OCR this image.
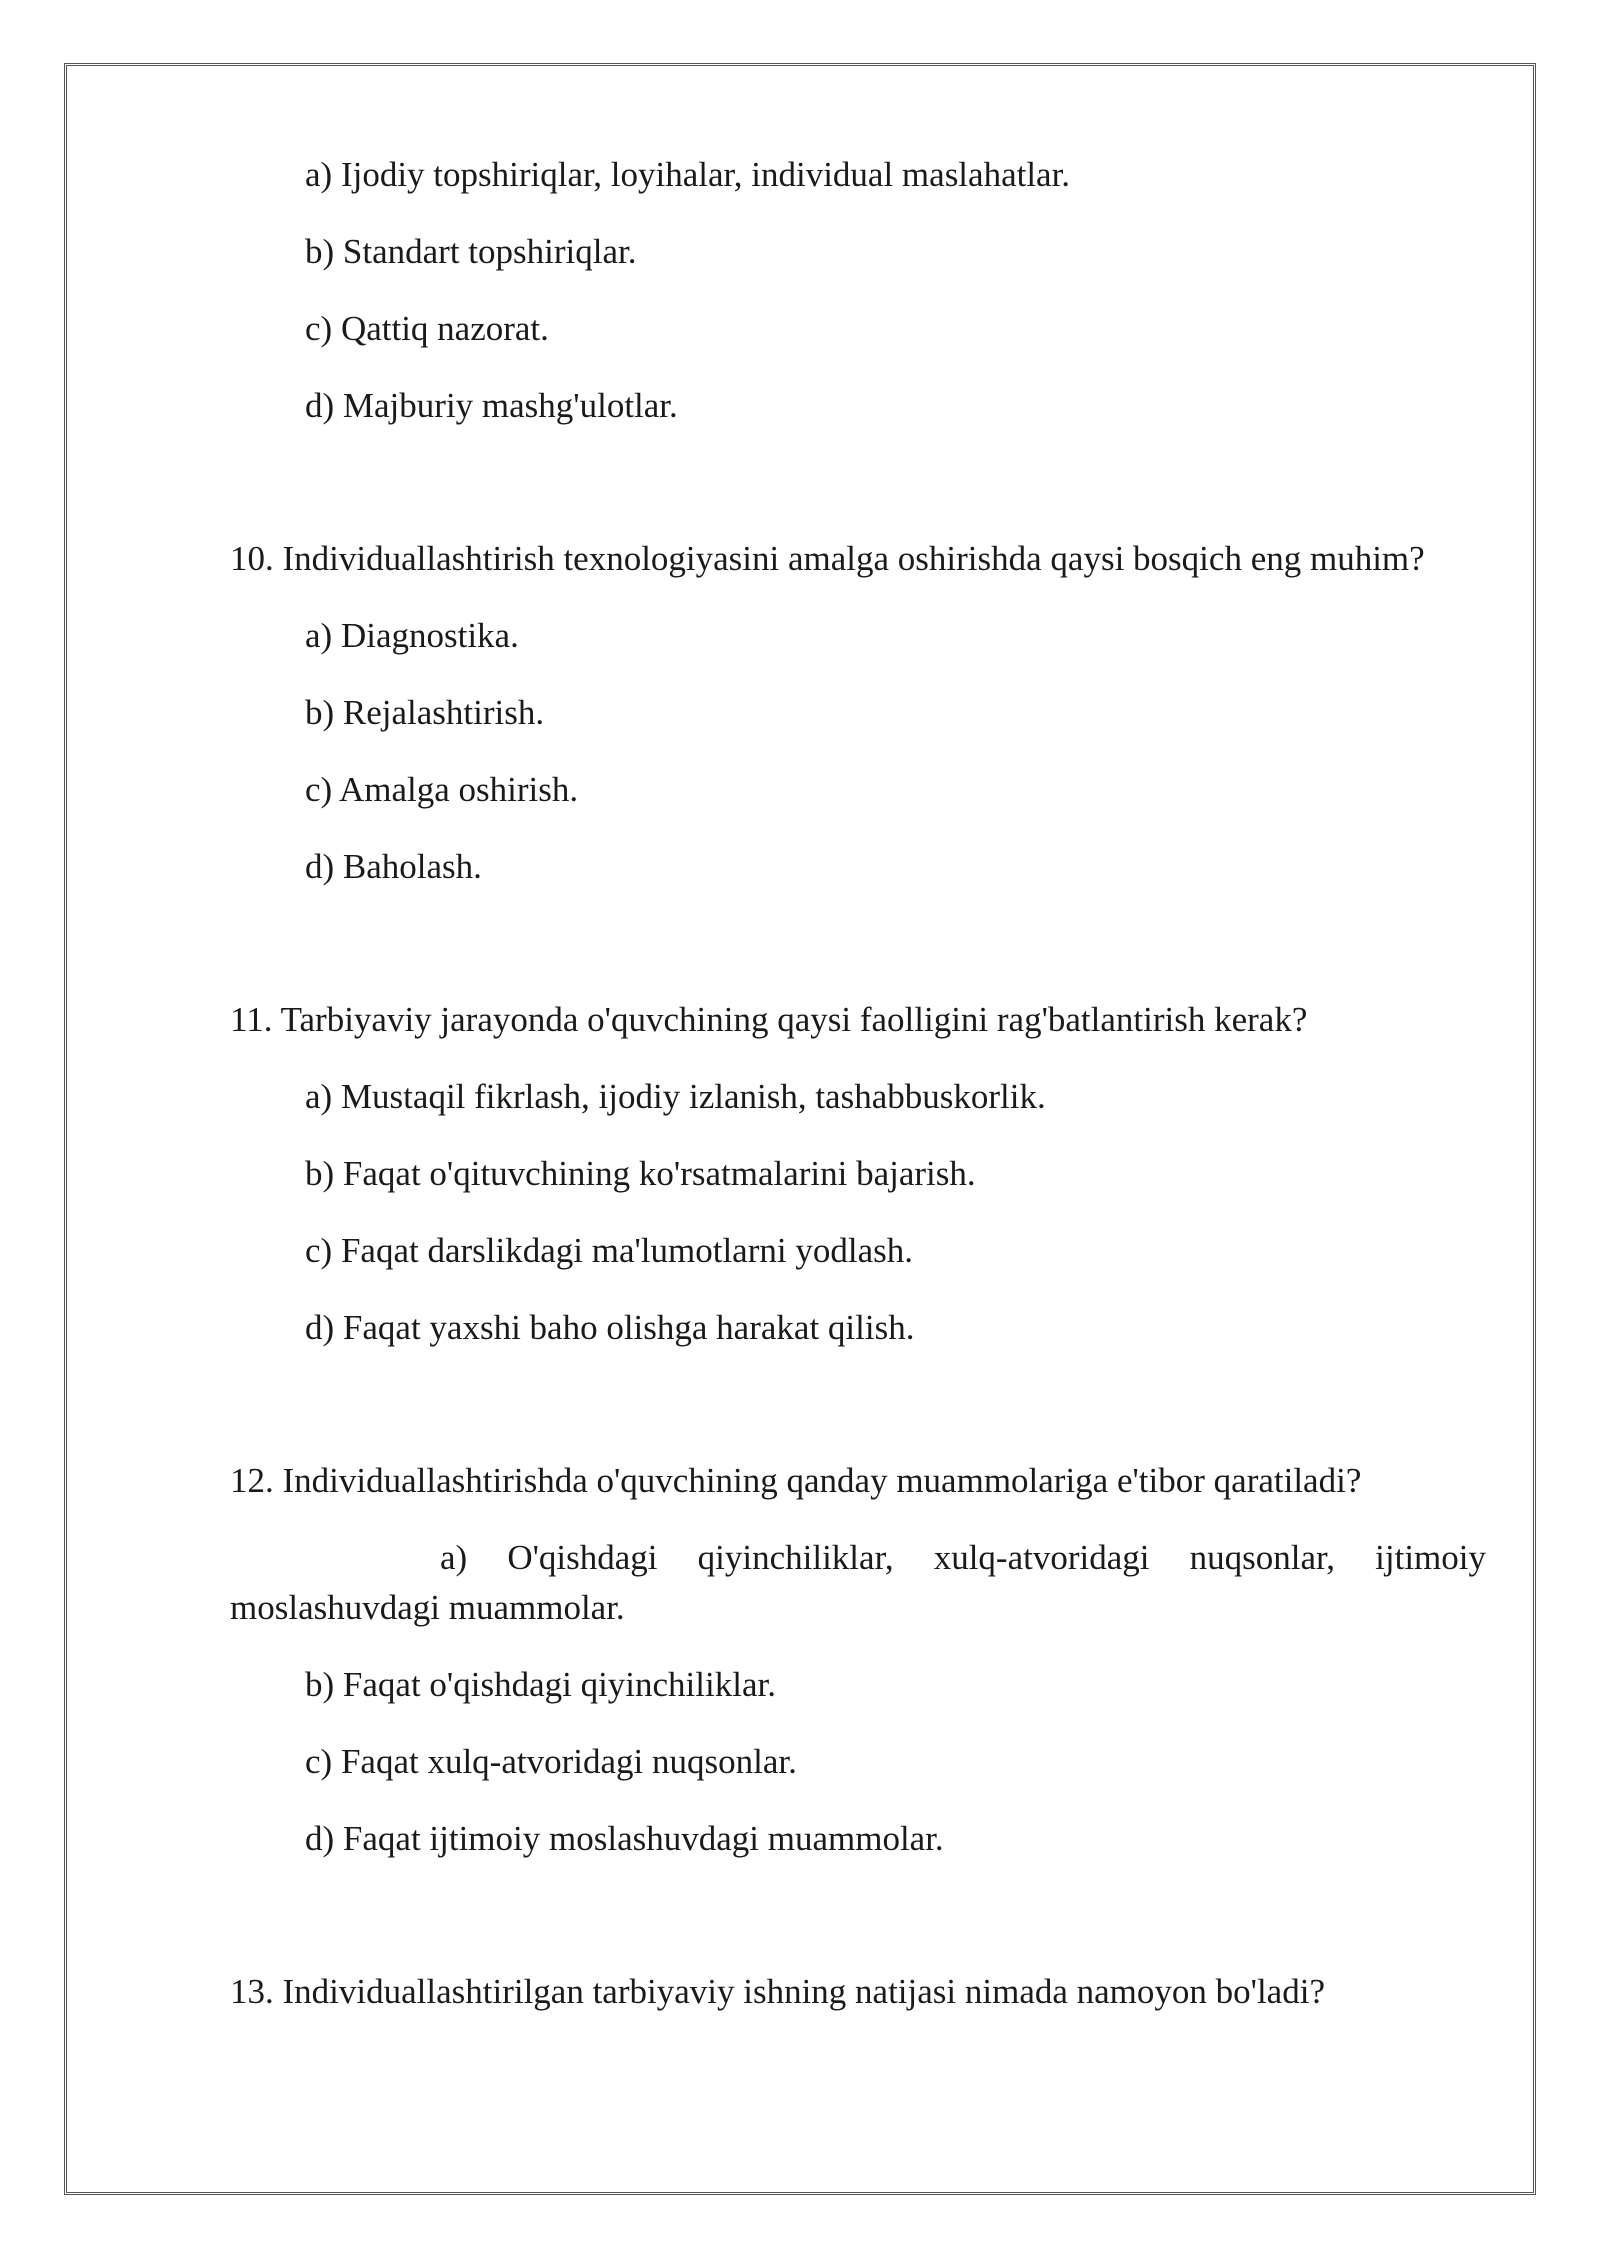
a) Ijodiy topshiriqlar, loyihalar, individual maslahatlar.
b) Standart topshiriqlar.
c) Qattiq nazorat.
d) Majburiy mashg'ulotlar.
10. Individuallashtirish texnologiyasini amalga oshirishda qaysi bosqich eng muhim?
a) Diagnostika.
b) Rejalashtirish.
c) Amalga oshirish.
d) Baholash.
11. Tarbiyaviy jarayonda o'quvchining qaysi faolligini rag'batlantirish kerak?
a) Mustaqil fikrlash, ijodiy izlanish, tashabbuskorlik.
b) Faqat o'qituvchining ko'rsatmalarini bajarish.
c) Faqat darslikdagi ma'lumotlarni yodlash.
d) Faqat yaxshi baho olishga harakat qilish.
12. Individuallashtirishda o'quvchining qanday muammolariga e'tibor qaratiladi?
a) O'qishdagi qiyinchiliklar, xulq-atvoridagi nuqsonlar, ijtimoiy moslashuvdagi muammolar.
b) Faqat o'qishdagi qiyinchiliklar.
c) Faqat xulq-atvoridagi nuqsonlar.
d) Faqat ijtimoiy moslashuvdagi muammolar.
13. Individuallashtirilgan tarbiyaviy ishning natijasi nimada namoyon bo'ladi?
